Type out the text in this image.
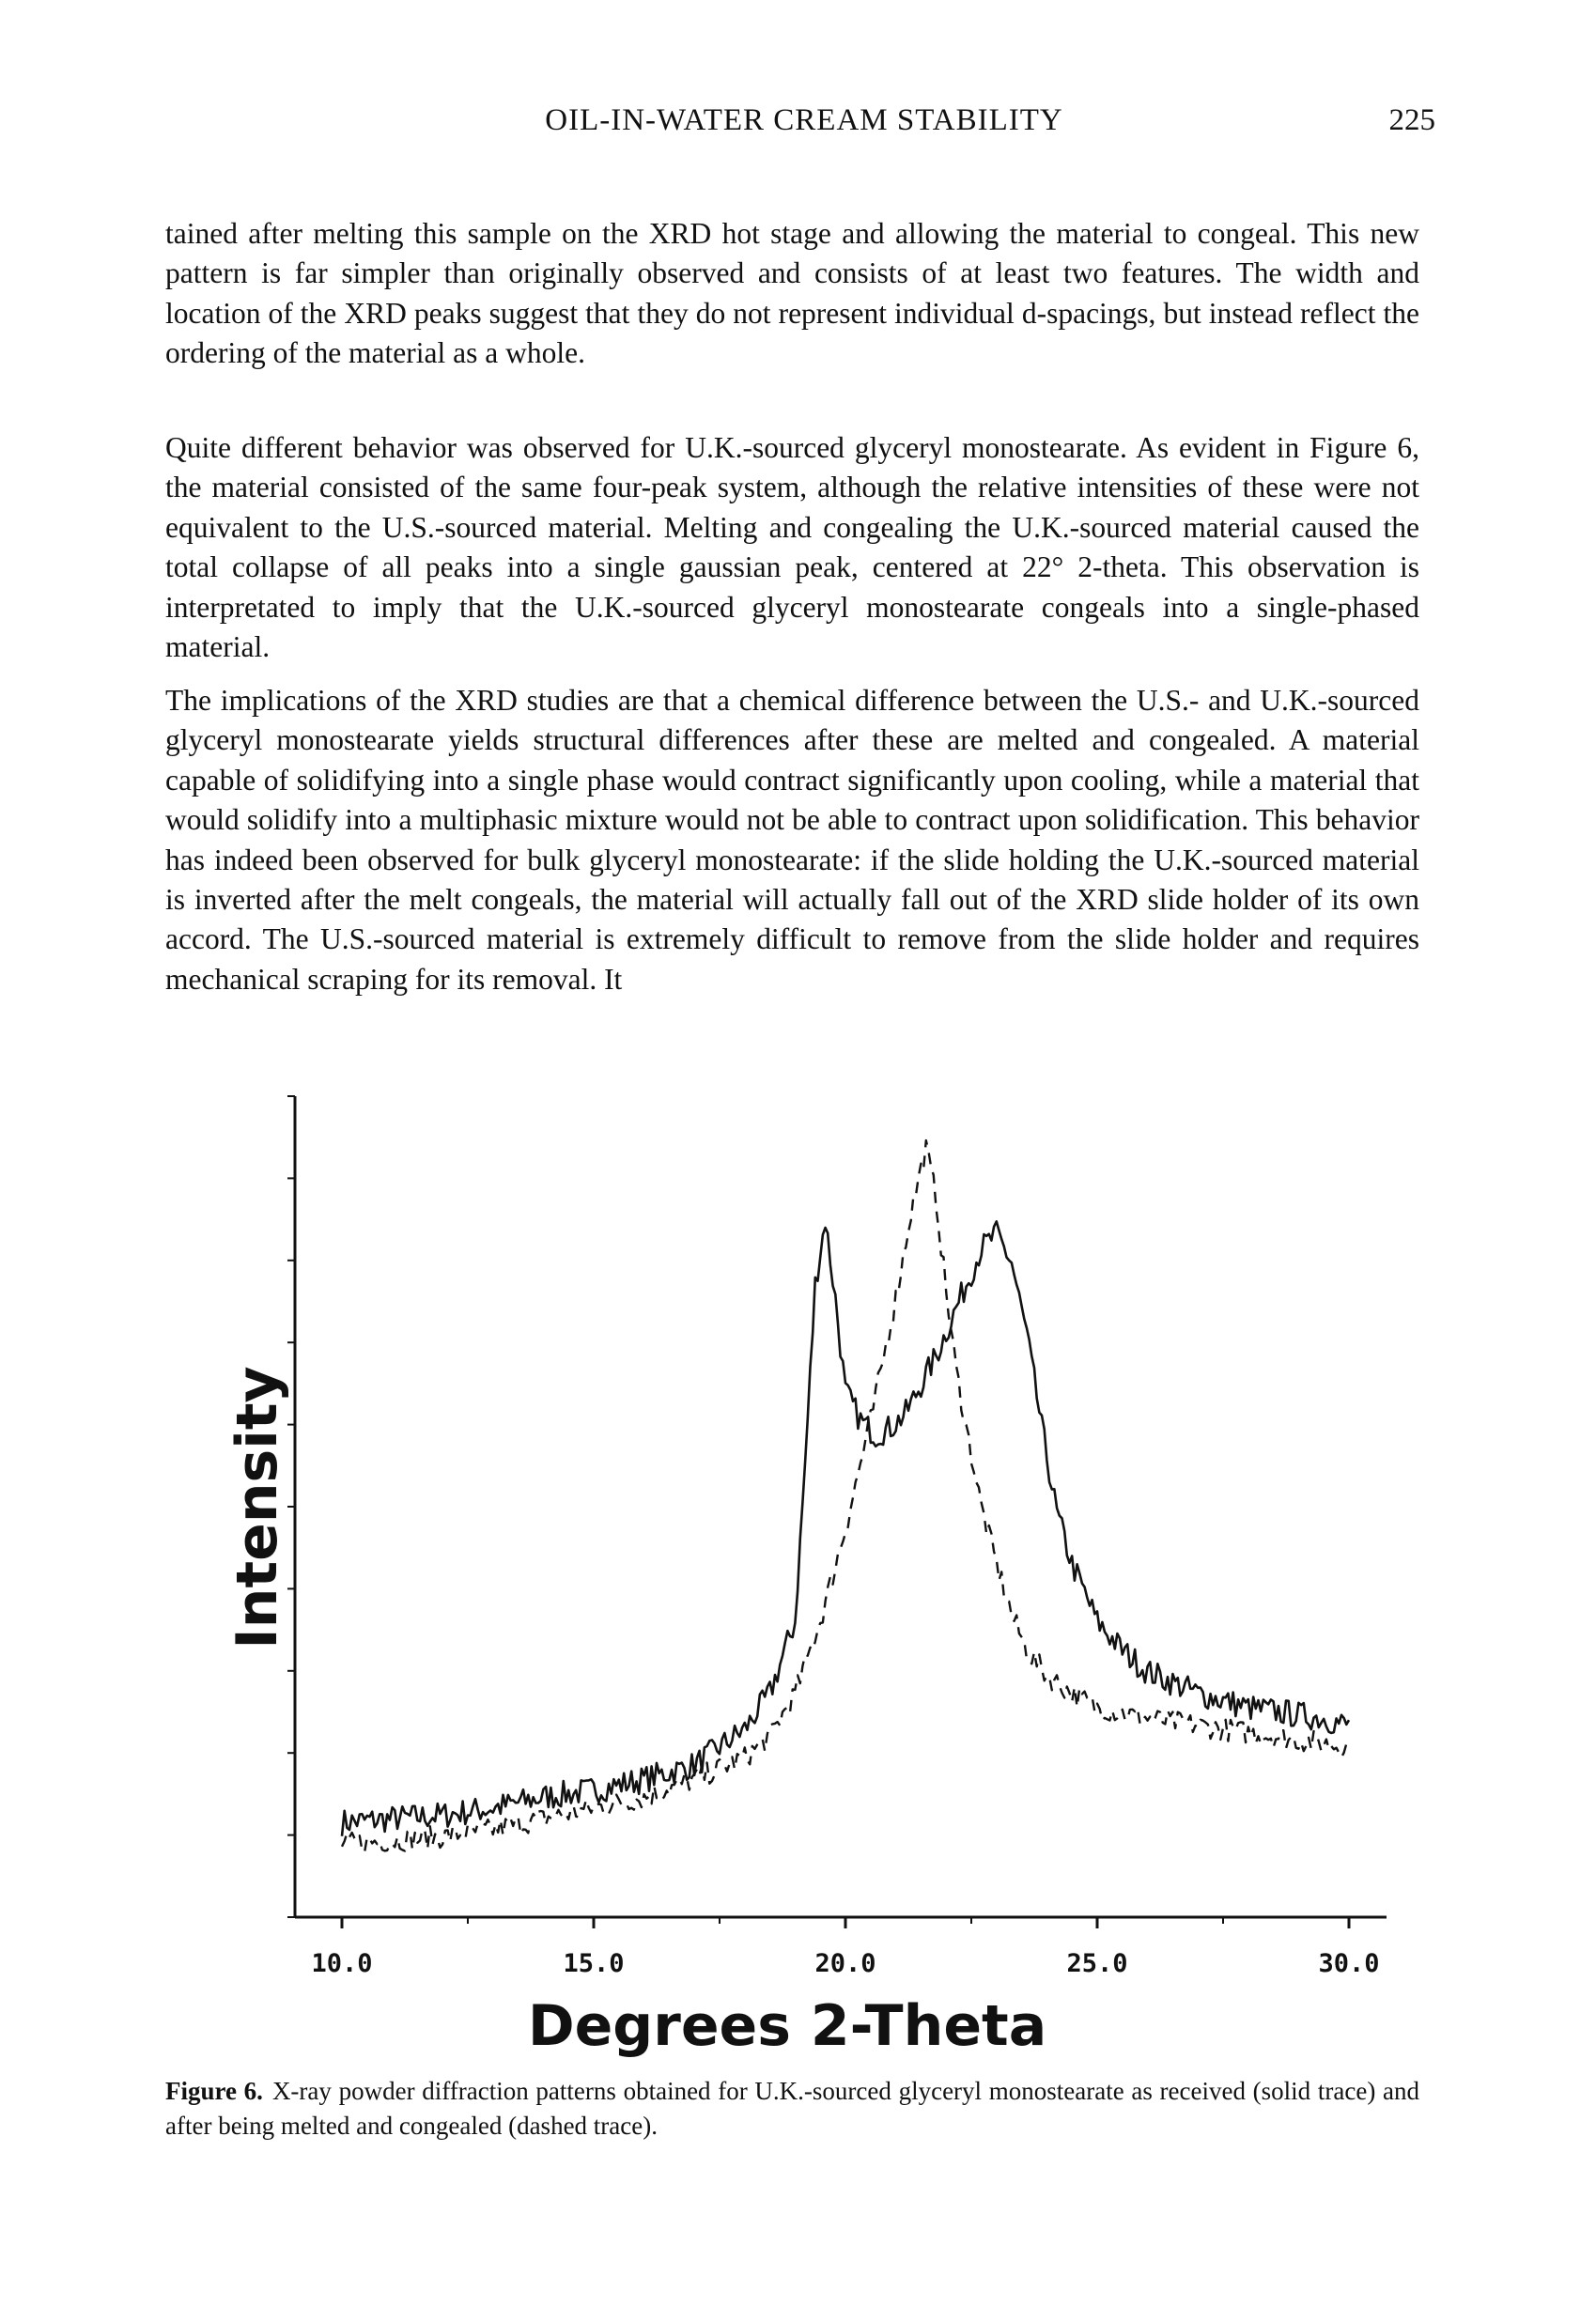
OIL-IN-WATER CREAM STABILITY	225

tained after melting this sample on the XRD hot stage and allowing the material to congeal. This new pattern is far simpler than originally observed and consists of at least two features. The width and location of the XRD peaks suggest that they do not represent individual d-spacings, but instead reflect the ordering of the material as a whole.

Quite different behavior was observed for U.K.-sourced glyceryl monostearate. As evident in Figure 6, the material consisted of the same four-peak system, although the relative intensities of these were not equivalent to the U.S.-sourced material. Melting and congealing the U.K.-sourced material caused the total collapse of all peaks into a single gaussian peak, centered at 22° 2-theta. This observation is interpretated to imply that the U.K.-sourced glyceryl monostearate congeals into a single-phased material.

The implications of the XRD studies are that a chemical difference between the U.S.- and U.K.-sourced glyceryl monostearate yields structural differences after these are melted and congealed. A material capable of solidifying into a single phase would contract significantly upon cooling, while a material that would solidify into a multiphasic mixture would not be able to contract upon solidification. This behavior has indeed been observed for bulk glyceryl monostearate: if the slide holding the U.K.-sourced material is inverted after the melt congeals, the material will actually fall out of the XRD slide holder of its own accord. The U.S.-sourced material is extremely difficult to remove from the slide holder and requires mechanical scraping for its removal. It

10.0	15.0	20.0	25.0	30.0
Intensity
Degrees 2-Theta
Figure 6. X-ray powder diffraction patterns obtained for U.K.-sourced glyceryl monostearate as received (solid trace) and after being melted and congealed (dashed trace).
